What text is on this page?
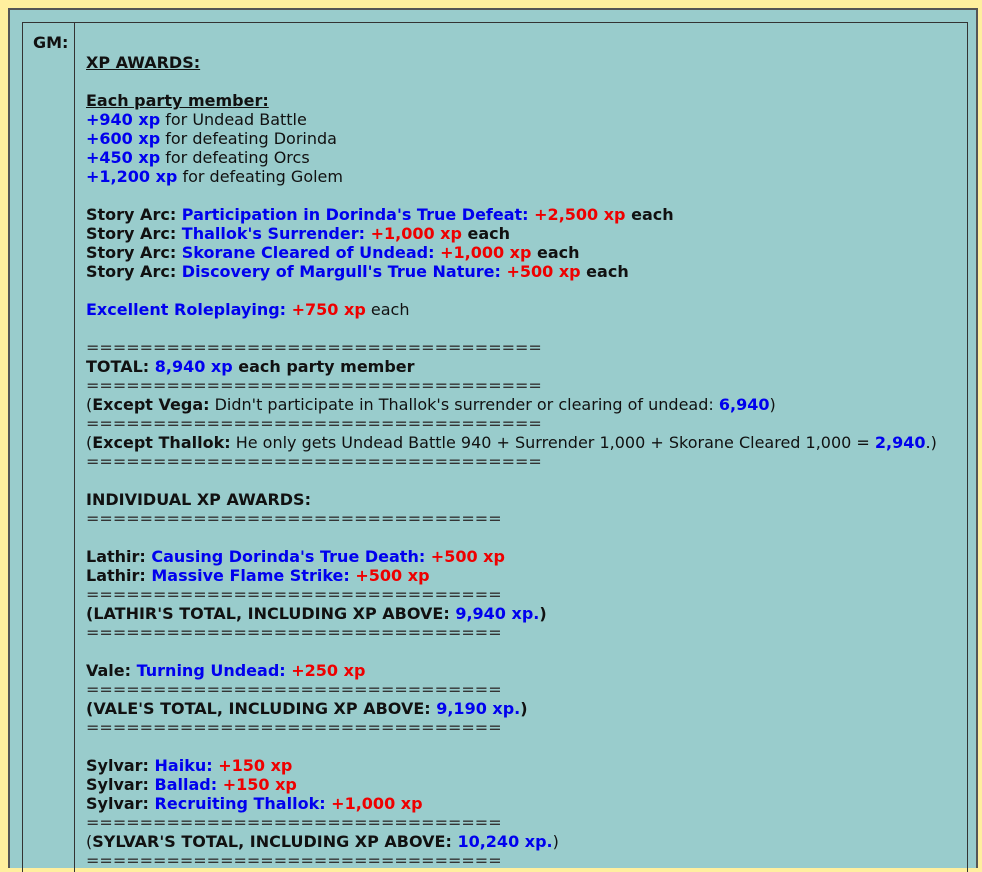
GM:
XP AWARDS:
Each party member:
+940 xp for Undead Battle
+600 xp for defeating Dorinda
+450 xp for defeating Orcs
+1,200 xp for defeating Golem
Story Arc: Participation in Dorinda's True Defeat: +2,500 xp each
Story Arc: Thallok's Surrender: +1,000 xp each
Story Arc: Skorane Cleared of Undead: +1,000 xp each
Story Arc: Discovery of Margull's True Nature: +500 xp each
Excellent Roleplaying: +750 xp each
==================================
TOTAL: 8,940 xp each party member
==================================
(Except Vega: Didn't participate in Thallok's surrender or clearing of undead: 6,940)
==================================
(Except Thallok: He only gets Undead Battle 940 + Surrender 1,000 + Skorane Cleared 1,000 = 2,940.)
==================================
INDIVIDUAL XP AWARDS:
===============================
Lathir: Causing Dorinda's True Death: +500 xp
Lathir: Massive Flame Strike: +500 xp
===============================
(LATHIR'S TOTAL, INCLUDING XP ABOVE: 9,940 xp.)
===============================
Vale: Turning Undead: +250 xp
===============================
(VALE'S TOTAL, INCLUDING XP ABOVE: 9,190 xp.)
===============================
Sylvar: Haiku: +150 xp
Sylvar: Ballad: +150 xp
Sylvar: Recruiting Thallok: +1,000 xp
===============================
(SYLVAR'S TOTAL, INCLUDING XP ABOVE: 10,240 xp.)
===============================
